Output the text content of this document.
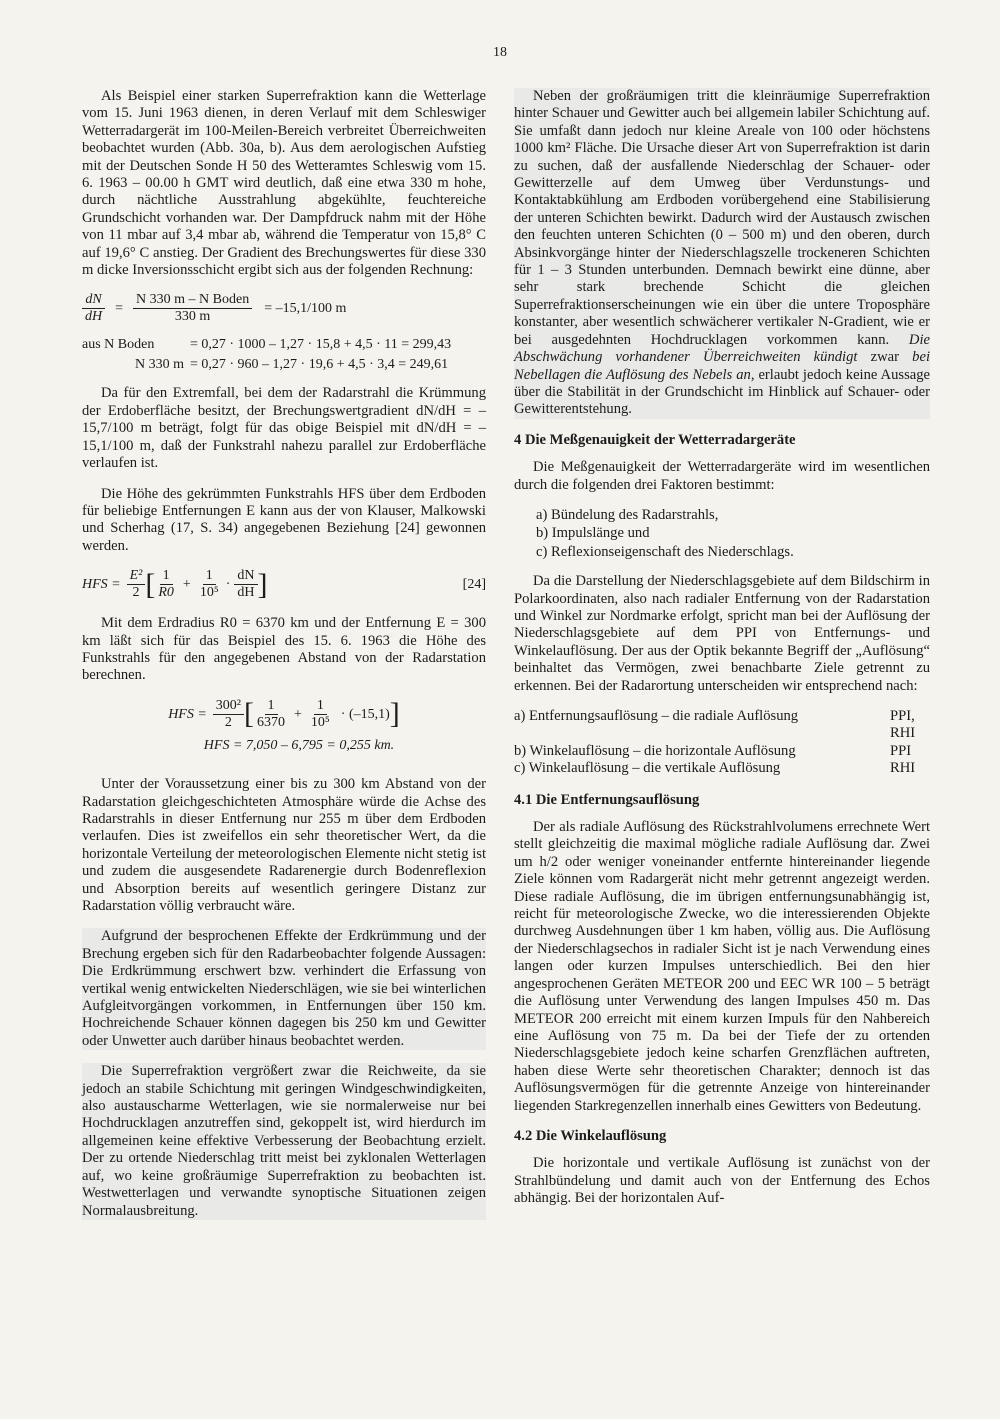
18

Als Beispiel einer starken Superrefraktion kann die Wetterlage vom 15. Juni 1963 dienen, in deren Verlauf mit dem Schleswiger Wetterradargerät im 100-Meilen-Bereich verbreitet Überreichweiten beobachtet wurden (Abb. 30a, b). Aus dem aerologischen Aufstieg mit der Deutschen Sonde H 50 des Wetteramtes Schleswig vom 15. 6. 1963 – 00.00 h GMT wird deutlich, daß eine etwa 330 m hohe, durch nächtliche Ausstrahlung abgekühlte, feuchtereiche Grundschicht vorhanden war. Der Dampfdruck nahm mit der Höhe von 11 mbar auf 3,4 mbar ab, während die Temperatur von 15,8° C auf 19,6° C anstieg. Der Gradient des Brechungswertes für diese 330 m dicke Inversionsschicht ergibt sich aus der folgenden Rechnung:

$\frac{dN}{dH} = \frac{\text{N 330 m – N Boden}}{330 m} = -15,1/100$ m
aus N Boden	= 0,27 · 1000 – 1,27 · 15,8 + 4,5 · 11 = 299,43
N 330 m = 0,27 · 960 – 1,27 · 19,6 + 4,5 · 3,4 = 249,61

Da für den Extremfall, bei dem der Radarstrahl die Krümmung der Erdoberfläche besitzt, der Brechungswertgradient dN/dH = –15,7/100 m beträgt, folgt für das obige Beispiel mit dN/dH = –15,1/100 m, daß der Funkstrahl nahezu parallel zur Erdoberfläche verlaufen ist.

Die Höhe des gekrümmten Funkstrahls HFS über dem Erdboden für beliebige Entfernungen E kann aus der von Klauser, Malkowski und Scherhag (17, S. 34) angegebenen Beziehung [24] gewonnen werden.

HFS = $\frac{\text{E²}}{2}$ [ $\frac{1}{R0} + \frac{1}{\text{10⁵}} \cdot \frac{dN}{dH}$ ]	[24]

Mit dem Erdradius R0 = 6370 km und der Entfernung E = 300 km läßt sich für das Beispiel des 15. 6. 1963 die Höhe des Funkstrahls für den angegebenen Abstand von der Radarstation berechnen.

HFS = $\frac{\text{300²}}{2}$ [ $\frac{1}{6370} + \frac{1}{\text{10⁵}} \cdot (-15,1)$ ]
HFS = 7,050 – 6,795 = 0,255 km.

Unter der Voraussetzung einer bis zu 300 km Abstand von der Radarstation gleichgeschichteten Atmosphäre würde die Achse des Radarstrahls in dieser Entfernung nur 255 m über dem Erdboden verlaufen. Dies ist zweifellos ein sehr theoretischer Wert, da die horizontale Verteilung der meteorologischen Elemente nicht stetig ist und zudem die ausgesendete Radarenergie durch Bodenreflexion und Absorption bereits auf wesentlich geringere Distanz zur Radarstation völlig verbraucht wäre.

Aufgrund der besprochenen Effekte der Erdkrümmung und der Brechung ergeben sich für den Radarbeobachter folgende Aussagen: Die Erdkrümmung erschwert bzw. verhindert die Erfassung von vertikal wenig entwickelten Niederschlägen, wie sie bei winterlichen Aufgleitvorgängen vorkommen, in Entfernungen über 150 km. Hochreichende Schauer können dagegen bis 250 km und Gewitter oder Unwetter auch darüber hinaus beobachtet werden.

Die Superrefraktion vergrößert zwar die Reichweite, da sie jedoch an stabile Schichtung mit geringen Windgeschwindigkeiten, also austauscharme Wetterlagen, wie sie normalerweise nur bei Hochdrucklagen anzutreffen sind, gekoppelt ist, wird hierdurch im allgemeinen keine effektive Verbesserung der Beobachtung erzielt. Der zu ortende Niederschlag tritt meist bei zyklonalen Wetterlagen auf, wo keine großräumige Superrefraktion zu beobachten ist. Westwetterlagen und verwandte synoptische Situationen zeigen Normalausbreitung.

Neben der großräumigen tritt die kleinräumige Superrefraktion hinter Schauer und Gewitter auch bei allgemein labiler Schichtung auf. Sie umfaßt dann jedoch nur kleine Areale von 100 oder höchstens 1000 km² Fläche. Die Ursache dieser Art von Superrefraktion ist darin zu suchen, daß der ausfallende Niederschlag der Schauer- oder Gewitterzelle auf dem Umweg über Verdunstungs- und Kontaktabkühlung am Erdboden vorübergehend eine Stabilisierung der unteren Schichten bewirkt. Dadurch wird der Austausch zwischen den feuchten unteren Schichten (0 – 500 m) und den oberen, durch Absinkvorgänge hinter der Niederschlagszelle trockeneren Schichten für 1 – 3 Stunden unterbunden. Demnach bewirkt eine dünne, aber sehr stark brechende Schicht die gleichen Superrefraktionserscheinungen wie ein über die untere Troposphäre konstanter, aber wesentlich schwächerer vertikaler N-Gradient, wie er bei ausgedehnten Hochdrucklagen vorkommen kann. Die Abschwächung vorhandener Überreichweiten kündigt zwar bei Nebellagen die Auflösung des Nebels an, erlaubt jedoch keine Aussage über die Stabilität in der Grundschicht im Hinblick auf Schauer- oder Gewitterentstehung.

4 Die Meßgenauigkeit der Wetterradargeräte

Die Meßgenauigkeit der Wetterradargeräte wird im wesentlichen durch die folgenden drei Faktoren bestimmt:

a) Bündelung des Radarstrahls,
b) Impulslänge und
c) Reflexionseigenschaft des Niederschlags.

Da die Darstellung der Niederschlagsgebiete auf dem Bildschirm in Polarkoordinaten, also nach radialer Entfernung von der Radarstation und Winkel zur Nordmarke erfolgt, spricht man bei der Auflösung der Niederschlagsgebiete auf dem PPI von Entfernungs- und Winkelauflösung. Der aus der Optik bekannte Begriff der „Auflösung“ beinhaltet das Vermögen, zwei benachbarte Ziele getrennt zu erkennen. Bei der Radarortung unterscheiden wir entsprechend nach:

a) Entfernungsauflösung – die radiale Auflösung	PPI, RHI
b) Winkelauflösung – die horizontale Auflösung	PPI
c) Winkelauflösung – die vertikale Auflösung	RHI
4.1 Die Entfernungsauflösung

Der als radiale Auflösung des Rückstrahlvolumens errechnete Wert stellt gleichzeitig die maximal mögliche radiale Auflösung dar. Zwei um h/2 oder weniger voneinander entfernte hintereinander liegende Ziele können vom Radargerät nicht mehr getrennt angezeigt werden. Diese radiale Auflösung, die im übrigen entfernungsunabhängig ist, reicht für meteorologische Zwecke, wo die interessierenden Objekte durchweg Ausdehnungen über 1 km haben, völlig aus. Die Auflösung der Niederschlagsechos in radialer Sicht ist je nach Verwendung eines langen oder kurzen Impulses unterschiedlich. Bei den hier angesprochenen Geräten METEOR 200 und EEC WR 100 – 5 beträgt die Auflösung unter Verwendung des langen Impulses 450 m. Das METEOR 200 erreicht mit einem kurzen Impuls für den Nahbereich eine Auflösung von 75 m. Da bei der Tiefe der zu ortenden Niederschlagsgebiete jedoch keine scharfen Grenzflächen auftreten, haben diese Werte sehr theoretischen Charakter; dennoch ist das Auflösungsvermögen für die getrennte Anzeige von hintereinander liegenden Starkregenzellen innerhalb eines Gewitters von Bedeutung.

4.2 Die Winkelauflösung

Die horizontale und vertikale Auflösung ist zunächst von der Strahlbündelung und damit auch von der Entfernung des Echos abhängig. Bei der horizontalen Auf-
